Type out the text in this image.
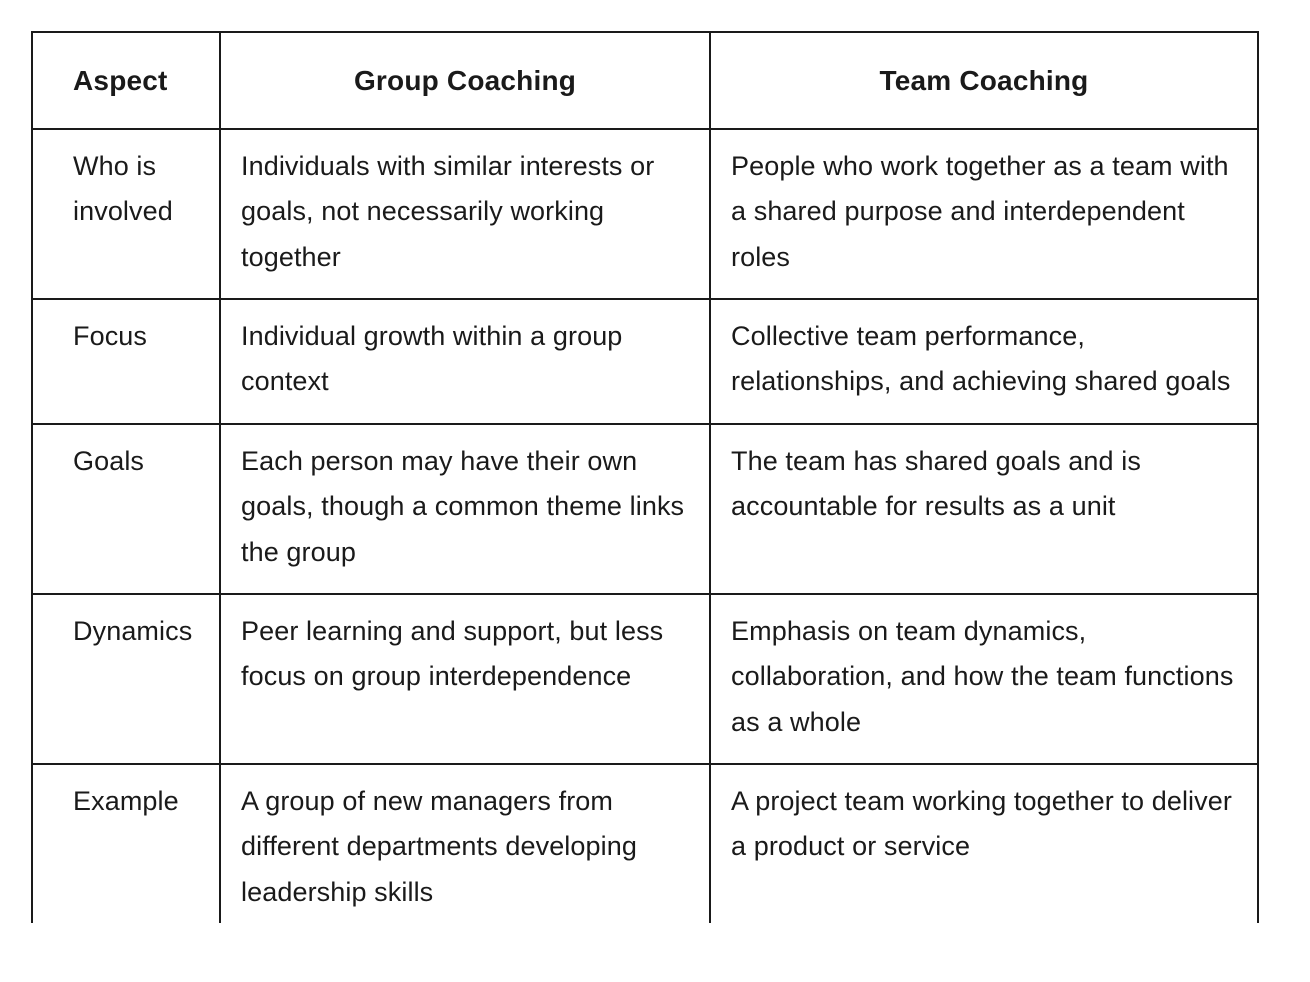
Aspect	Group Coaching	Team Coaching
Who is involved	Individuals with similar interests or goals, not necessarily working together	People who work together as a team with a shared purpose and interdependent roles
Focus	Individual growth within a group context	Collective team performance, relationships, and achieving shared goals
Goals	Each person may have their own goals, though a common theme links the group	The team has shared goals and is accountable for results as a unit
Dynamics	Peer learning and support, but less focus on group interdependence	Emphasis on team dynamics, collaboration, and how the team functions as a whole
Example	A group of new managers from different departments developing leadership skills	A project team working together to deliver a product or service
